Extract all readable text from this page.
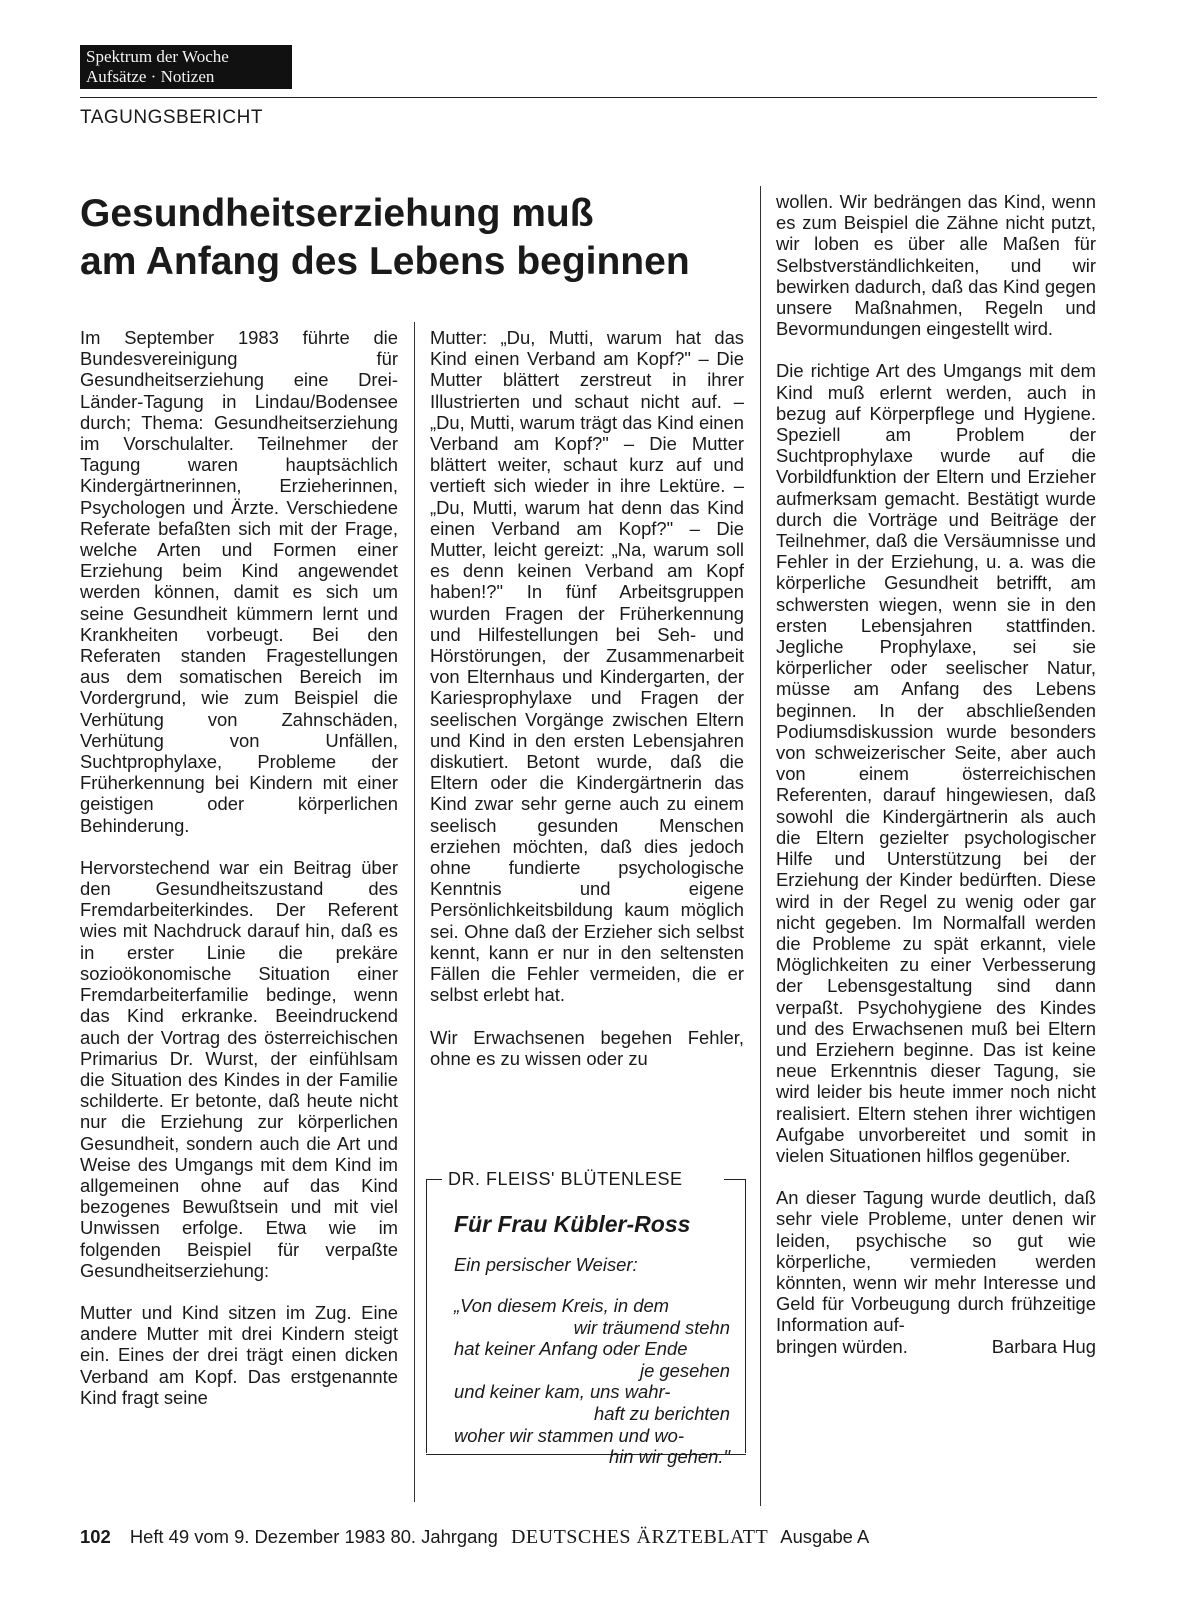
Spektrum der Woche
Aufsätze · Notizen
TAGUNGSBERICHT
Gesundheitserziehung muß
am Anfang des Lebens beginnen

Im September 1983 führte die Bundesvereinigung für Gesundheitserziehung eine Drei-Länder-Tagung in Lindau/Bodensee durch; Thema: Gesundheitserziehung im Vorschulalter. Teilnehmer der Tagung waren hauptsächlich Kindergärtnerinnen, Erzieherinnen, Psychologen und Ärzte. Verschiedene Referate befaßten sich mit der Frage, welche Arten und Formen einer Erziehung beim Kind angewendet werden können, damit es sich um seine Gesundheit kümmern lernt und Krankheiten vorbeugt. Bei den Referaten standen Fragestellungen aus dem somatischen Bereich im Vordergrund, wie zum Beispiel die Verhütung von Zahnschäden, Verhütung von Unfällen, Suchtprophylaxe, Probleme der Früherkennung bei Kindern mit einer geistigen oder körperlichen Behinderung.

Hervorstechend war ein Beitrag über den Gesundheitszustand des Fremdarbeiterkindes. Der Referent wies mit Nachdruck darauf hin, daß es in erster Linie die prekäre sozioökonomische Situation einer Fremdarbeiterfamilie bedinge, wenn das Kind erkranke. Beeindruckend auch der Vortrag des österreichischen Primarius Dr. Wurst, der einfühlsam die Situation des Kindes in der Familie schilderte. Er betonte, daß heute nicht nur die Erziehung zur körperlichen Gesundheit, sondern auch die Art und Weise des Umgangs mit dem Kind im allgemeinen ohne auf das Kind bezogenes Bewußtsein und mit viel Unwissen erfolge. Etwa wie im folgenden Beispiel für verpaßte Gesundheitserziehung:

Mutter und Kind sitzen im Zug. Eine andere Mutter mit drei Kindern steigt ein. Eines der drei trägt einen dicken Verband am Kopf. Das erstgenannte Kind fragt seine

Mutter: „Du, Mutti, warum hat das Kind einen Verband am Kopf?" – Die Mutter blättert zerstreut in ihrer Illustrierten und schaut nicht auf. – „Du, Mutti, warum trägt das Kind einen Verband am Kopf?" – Die Mutter blättert weiter, schaut kurz auf und vertieft sich wieder in ihre Lektüre. – „Du, Mutti, warum hat denn das Kind einen Verband am Kopf?" – Die Mutter, leicht gereizt: „Na, warum soll es denn keinen Verband am Kopf haben!?" In fünf Arbeitsgruppen wurden Fragen der Früherkennung und Hilfestellungen bei Seh- und Hörstörungen, der Zusammenarbeit von Elternhaus und Kindergarten, der Kariesprophylaxe und Fragen der seelischen Vorgänge zwischen Eltern und Kind in den ersten Lebensjahren diskutiert. Betont wurde, daß die Eltern oder die Kindergärtnerin das Kind zwar sehr gerne auch zu einem seelisch gesunden Menschen erziehen möchten, daß dies jedoch ohne fundierte psychologische Kenntnis und eigene Persönlichkeitsbildung kaum möglich sei. Ohne daß der Erzieher sich selbst kennt, kann er nur in den seltensten Fällen die Fehler vermeiden, die er selbst erlebt hat.

Wir Erwachsenen begehen Fehler, ohne es zu wissen oder zu

DR. FLEISS' BLÜTENLESE
Für Frau Kübler-Ross
Ein persischer Weiser:
„Von diesem Kreis, in dem
wir träumend stehn
hat keiner Anfang oder Ende
je gesehen
und keiner kam, uns wahr-
haft zu berichten
woher wir stammen und wo-
hin wir gehen."

wollen. Wir bedrängen das Kind, wenn es zum Beispiel die Zähne nicht putzt, wir loben es über alle Maßen für Selbstverständlichkeiten, und wir bewirken dadurch, daß das Kind gegen unsere Maßnahmen, Regeln und Bevormundungen eingestellt wird.

Die richtige Art des Umgangs mit dem Kind muß erlernt werden, auch in bezug auf Körperpflege und Hygiene. Speziell am Problem der Suchtprophylaxe wurde auf die Vorbildfunktion der Eltern und Erzieher aufmerksam gemacht. Bestätigt wurde durch die Vorträge und Beiträge der Teilnehmer, daß die Versäumnisse und Fehler in der Erziehung, u. a. was die körperliche Gesundheit betrifft, am schwersten wiegen, wenn sie in den ersten Lebensjahren stattfinden. Jegliche Prophylaxe, sei sie körperlicher oder seelischer Natur, müsse am Anfang des Lebens beginnen. In der abschließenden Podiumsdiskussion wurde besonders von schweizerischer Seite, aber auch von einem österreichischen Referenten, darauf hingewiesen, daß sowohl die Kindergärtnerin als auch die Eltern gezielter psychologischer Hilfe und Unterstützung bei der Erziehung der Kinder bedürften. Diese wird in der Regel zu wenig oder gar nicht gegeben. Im Normalfall werden die Probleme zu spät erkannt, viele Möglichkeiten zu einer Verbesserung der Lebensgestaltung sind dann verpaßt. Psychohygiene des Kindes und des Erwachsenen muß bei Eltern und Erziehern beginne. Das ist keine neue Erkenntnis dieser Tagung, sie wird leider bis heute immer noch nicht realisiert. Eltern stehen ihrer wichtigen Aufgabe unvorbereitet und somit in vielen Situationen hilflos gegenüber.

An dieser Tagung wurde deutlich, daß sehr viele Probleme, unter denen wir leiden, psychische so gut wie körperliche, vermieden werden könnten, wenn wir mehr Interesse und Geld für Vorbeugung durch frühzeitige Information auf-

bringen würden.	Barbara Hug
102 Heft 49 vom 9. Dezember 1983 80. Jahrgang DEUTSCHES ÄRZTEBLATT Ausgabe A
